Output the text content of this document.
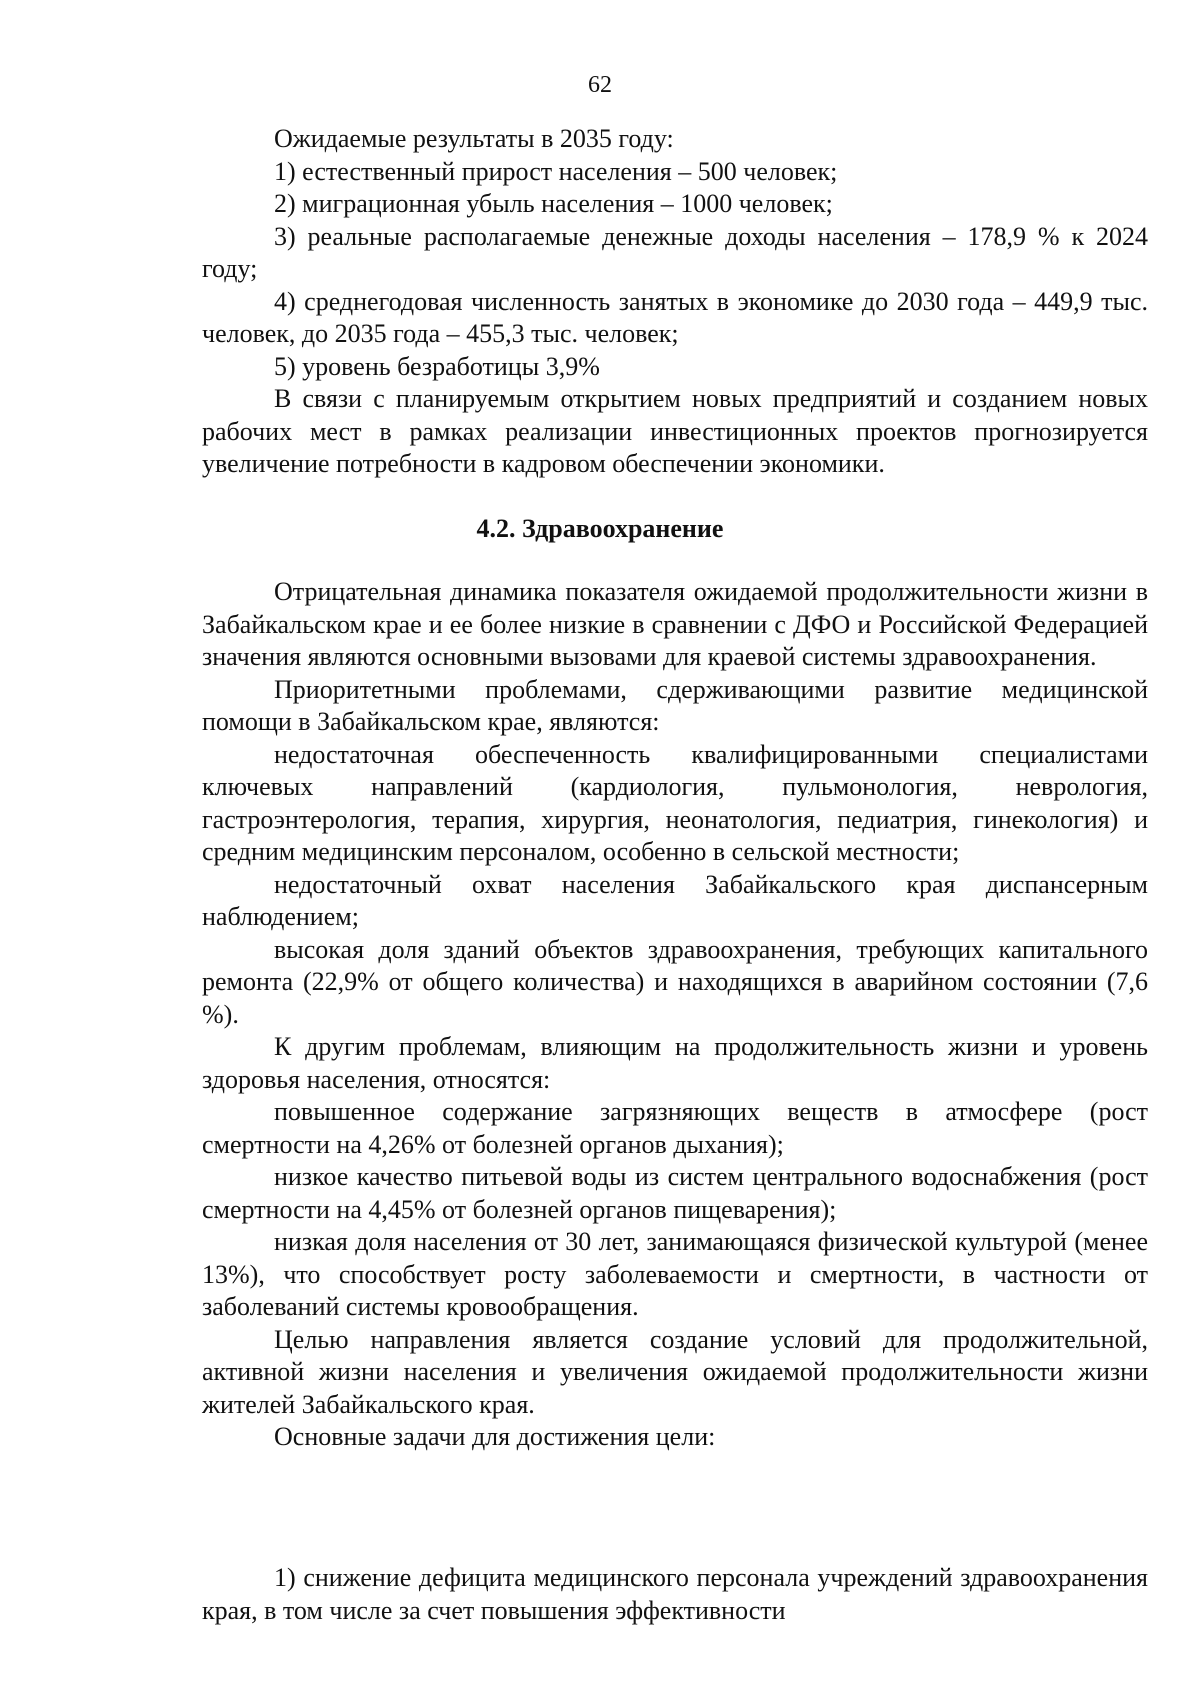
62

Ожидаемые результаты в 2035 году:

1) естественный прирост населения – 500 человек;

2) миграционная убыль населения – 1000 человек;

3) реальные располагаемые денежные доходы населения – 178,9 % к 2024 году;

4) среднегодовая численность занятых в экономике до 2030 года – 449,9 тыс. человек, до 2035 года – 455,3 тыс. человек;

5) уровень безработицы 3,9%

В связи с планируемым открытием новых предприятий и созданием новых рабочих мест в рамках реализации инвестиционных проектов прогнозируется увеличение потребности в кадровом обеспечении экономики.

4.2. Здравоохранение

Отрицательная динамика показателя ожидаемой продолжительности жизни в Забайкальском крае и ее более низкие в сравнении с ДФО и Российской Федерацией значения являются основными вызовами для краевой системы здравоохранения.

Приоритетными проблемами, сдерживающими развитие медицинской помощи в Забайкальском крае, являются:

недостаточная обеспеченность квалифицированными специалистами ключевых направлений (кардиология, пульмонология, неврология, гастроэнтерология, терапия, хирургия, неонатология, педиатрия, гинекология) и средним медицинским персоналом, особенно в сельской местности;

недостаточный охват населения Забайкальского края диспансерным наблюдением;

высокая доля зданий объектов здравоохранения, требующих капитального ремонта (22,9% от общего количества) и находящихся в аварийном состоянии (7,6 %).

К другим проблемам, влияющим на продолжительность жизни и уровень здоровья населения, относятся:

повышенное содержание загрязняющих веществ в атмосфере (рост смертности на 4,26% от болезней органов дыхания);

низкое качество питьевой воды из систем центрального водоснабжения (рост смертности на 4,45% от болезней органов пищеварения);

низкая доля населения от 30 лет, занимающаяся физической культурой (менее 13%), что способствует росту заболеваемости и смертности, в частности от заболеваний системы кровообращения.

Целью направления является создание условий для продолжительной, активной жизни населения и увеличения ожидаемой продолжительности жизни жителей Забайкальского края.

Основные задачи для достижения цели:

1) снижение дефицита медицинского персонала учреждений здравоохранения края, в том числе за счет повышения эффективности
